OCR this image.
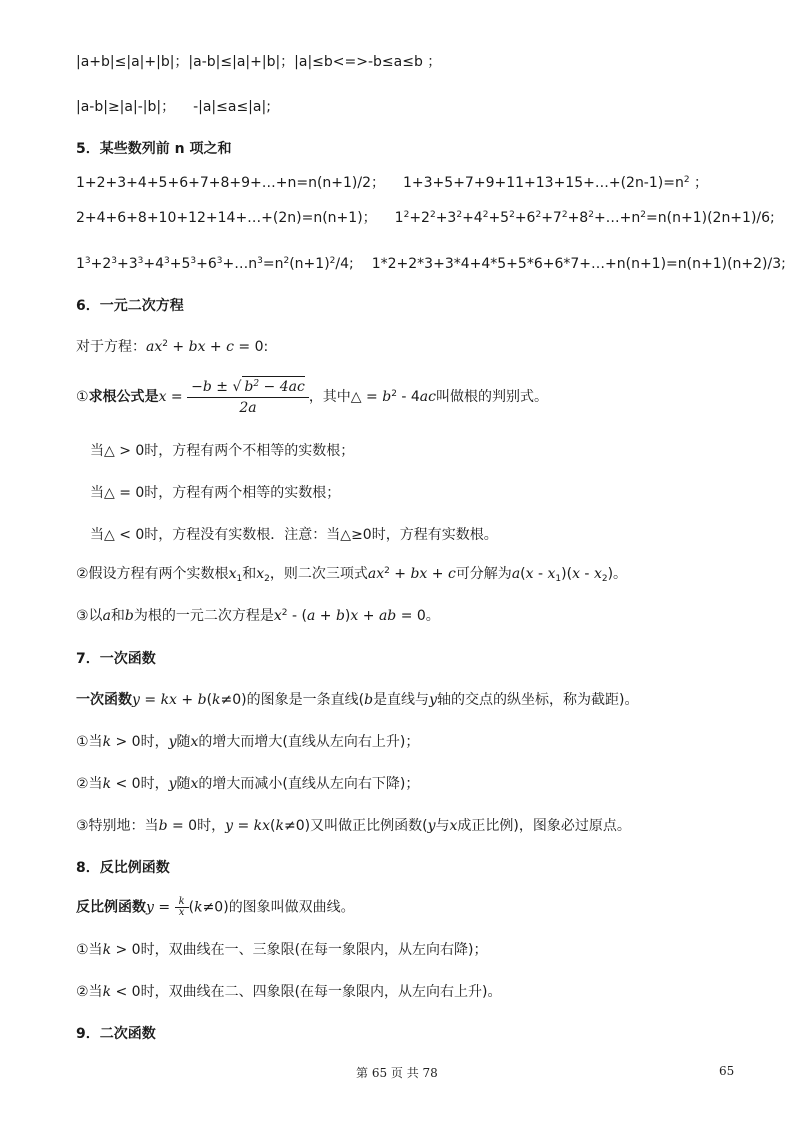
|a+b|≤|a|+|b|；|a-b|≤|a|+|b|；|a|≤b<=>-b≤a≤b ；
|a-b|≥|a|-|b|； -|a|≤a≤|a|;
5．某些数列前 n 项之和
1+2+3+4+5+6+7+8+9+…+n=n(n+1)/2； $1+3+5+7+9+11+13+15+\dots+(2n-1)=n^2$ ；
2+4+6+8+10+12+14+…+(2n)=n(n+1)； $1^2+2^2+3^2+4^2+5^2+6^2+7^2+8^2+\dots+n^2=n(n+1)(2n+1)/6$;
$1^3+2^3+3^3+4^3+5^3+6^3+\dots n^3=n^2(n+1)^2/4$; 1*2+2*3+3*4+4*5+5*6+6*7+…+n(n+1)=n(n+1)(n+2)/3;
6．一元二次方程
对于方程：$ax^2$ + bx + c = 0:
①求根公式是$x = \frac{-b \pm √ b^2 - 4ac}{2a}$ ，其中△ = $b^2 - 4ac$叫做根的判别式。
当△ > 0时，方程有两个不相等的实数根；
当△ = 0时，方程有两个相等的实数根；
当△ < 0时，方程没有实数根．注意：当△≥0时，方程有实数根。
②假设方程有两个实数根$x_1$和$x_2$，则二次三项式$ax^2$ + bx + c可分解为$a(x - x_1)(x - x_2)$。
③以a和b为根的一元二次方程是$x^2 - (a + b)x$ + ab = 0。
7．一次函数
一次函数y = kx + b(k≠0)的图象是一条直线(b是直线与y轴的交点的纵坐标，称为截距)。
①当k > 0时，y随x的增大而增大(直线从左向右上升)；
②当k < 0时，y随x的增大而减小(直线从左向右下降)；
③特别地：当b = 0时，y = kx(k≠0)又叫做正比例函数(y与x成正比例)，图象必过原点。
8．反比例函数
反比例函数$y = \frac{k}{x} (k\ne 0)$的图象叫做双曲线。
①当k > 0时，双曲线在一、三象限(在每一象限内，从左向右降)；
②当k < 0时，双曲线在二、四象限(在每一象限内，从左向右上升)。
9．二次函数
第 65 页 共 78	65
